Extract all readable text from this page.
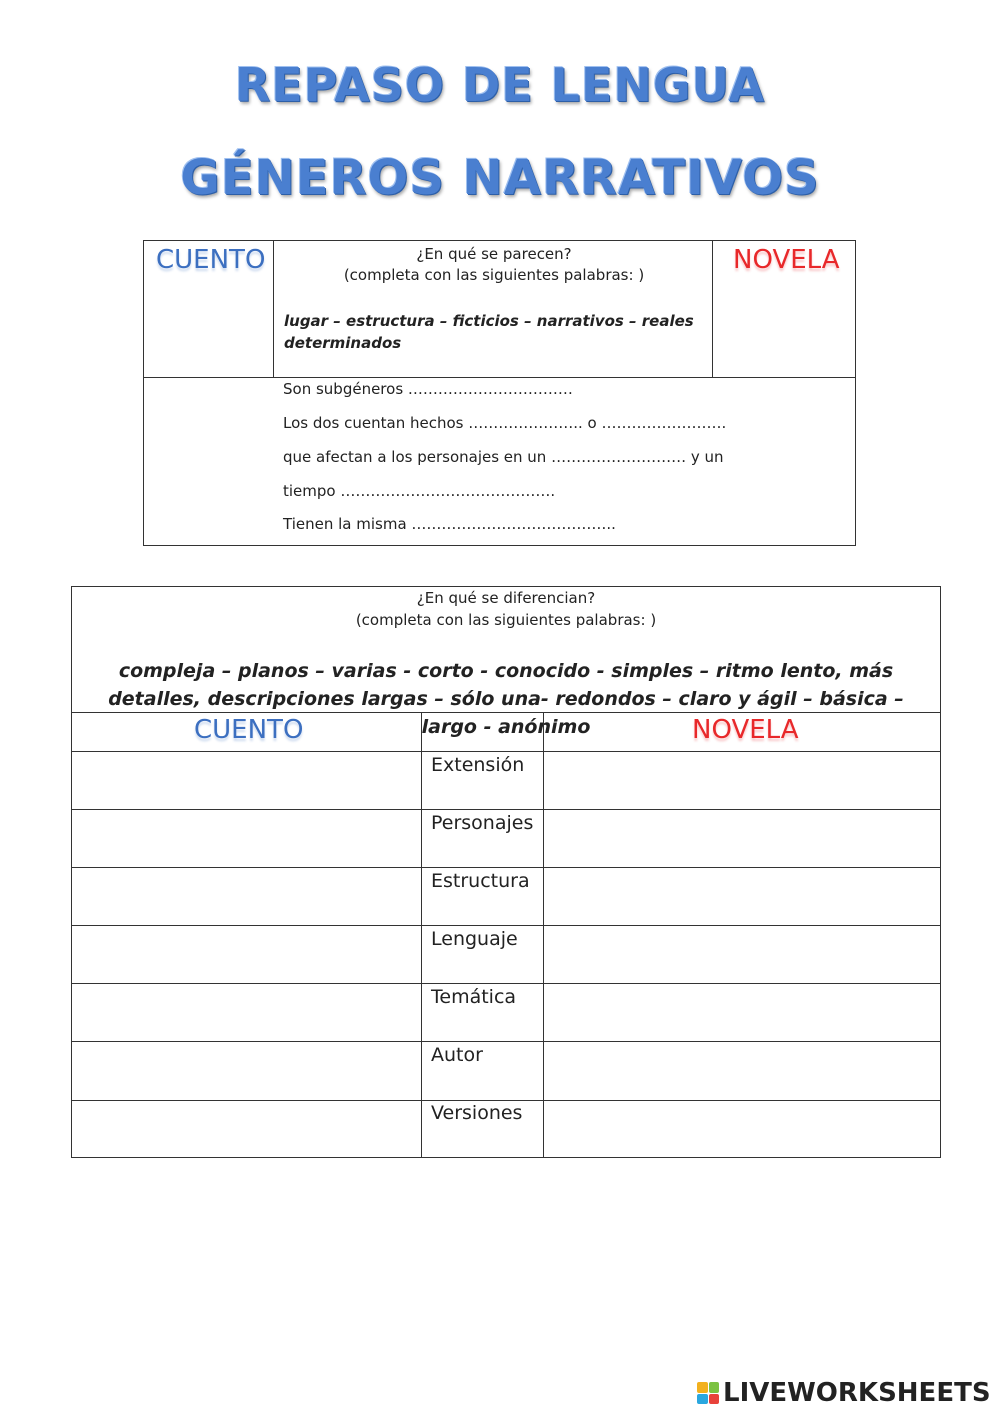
REPASO DE LENGUA
GÉNEROS NARRATIVOS
CUENTO	¿En qué se parecen?
(completa con las siguientes palabras: )
lugar – estructura – ficticios – narrativos – reales determinados
NOVELA
Son subgéneros ……………………………
Los dos cuentan hechos ………………….. o …………………….
que afectan a los personajes en un ……………………… y un
tiempo …………………………………….
Tienen la misma …………………………………..
¿En qué se diferencian?
(completa con las siguientes palabras: )
compleja – planos – varias - corto - conocido - simples – ritmo lento, más detalles, descripciones largas – sólo una- redondos – claro y ágil – básica – largo - anónimo
CUENTO	NOVELA
Extensión
Personajes
Estructura
Lenguaje
Temática
Autor
Versiones
LIVEWORKSHEETS
